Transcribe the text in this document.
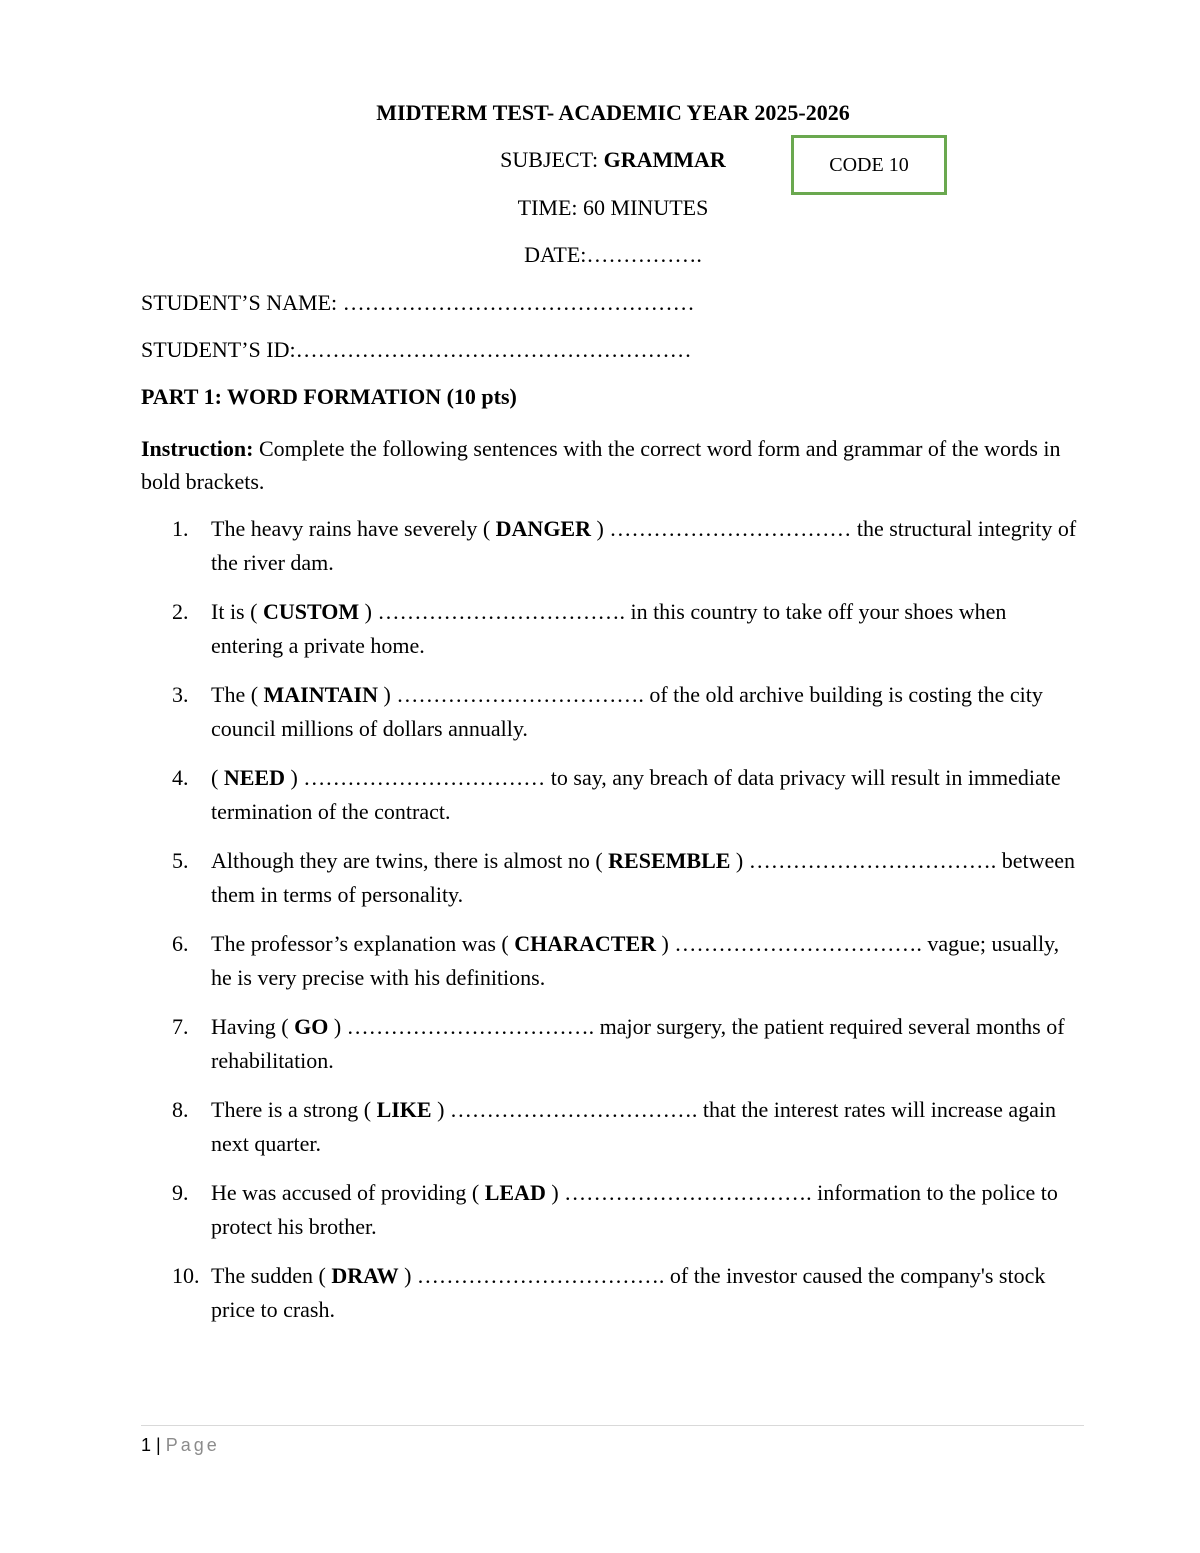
MIDTERM TEST- ACADEMIC YEAR 2025-2026
SUBJECT: GRAMMAR	CODE 10
TIME: 60 MINUTES
DATE:…………….
STUDENT’S NAME: …………………………………………
STUDENT’S ID:………………………………………………
PART 1: WORD FORMATION (10 pts)
Instruction: Complete the following sentences with the correct word form and grammar of the words in bold brackets.
1.	The heavy rains have severely ( DANGER ) …………………………… the structural integrity of the river dam.
2.	It is ( CUSTOM ) ……………………………. in this country to take off your shoes when entering a private home.
3.	The ( MAINTAIN ) ……………………………. of the old archive building is costing the city council millions of dollars annually.
4.	( NEED ) …………………………… to say, any breach of data privacy will result in immediate termination of the contract.
5.	Although they are twins, there is almost no ( RESEMBLE ) ……………………………. between them in terms of personality.
6.	The professor’s explanation was ( CHARACTER ) ……………………………. vague; usually, he is very precise with his definitions.
7.	Having ( GO ) ……………………………. major surgery, the patient required several months of rehabilitation.
8.	There is a strong ( LIKE ) ……………………………. that the interest rates will increase again next quarter.
9.	He was accused of providing ( LEAD ) ……………………………. information to the police to protect his brother.
10. The sudden ( DRAW ) ……………………………. of the investor caused the company's stock price to crash.
1 | Page
